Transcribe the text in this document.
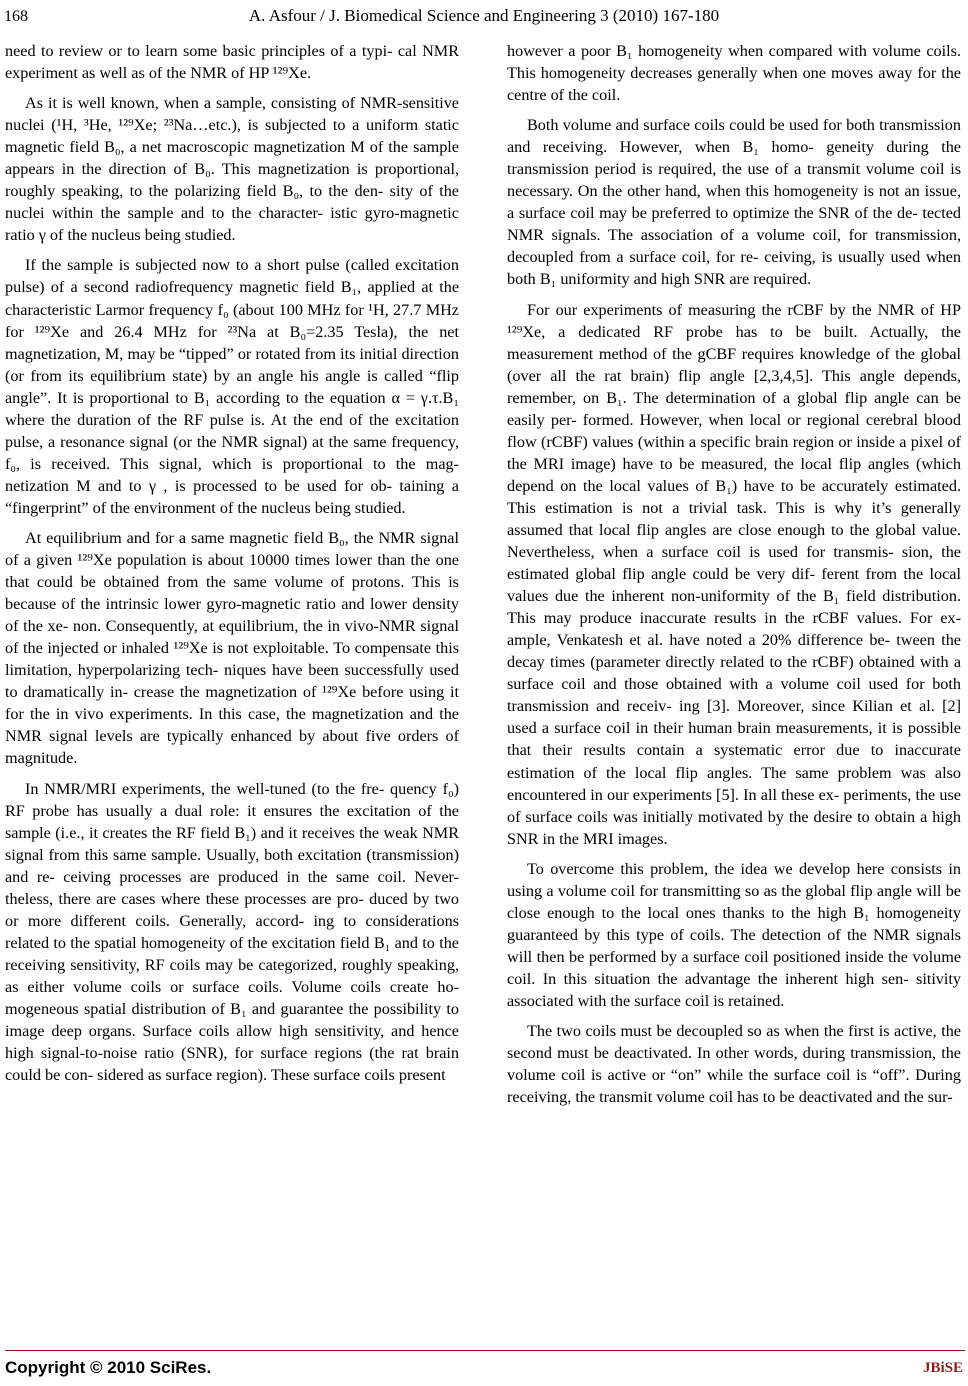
168	A. Asfour / J. Biomedical Science and Engineering 3 (2010) 167-180

need to review or to learn some basic principles of a typi- cal NMR experiment as well as of the NMR of HP ¹²⁹Xe.

As it is well known, when a sample, consisting of NMR-sensitive nuclei (¹H, ³He, ¹²⁹Xe; ²³Na…etc.), is subjected to a uniform static magnetic field B₀, a net macroscopic magnetization M of the sample appears in the direction of B₀. This magnetization is proportional, roughly speaking, to the polarizing field B₀, to the den- sity of the nuclei within the sample and to the character- istic gyro-magnetic ratio γ of the nucleus being studied.

If the sample is subjected now to a short pulse (called excitation pulse) of a second radiofrequency magnetic field B₁, applied at the characteristic Larmor frequency f₀ (about 100 MHz for ¹H, 27.7 MHz for ¹²⁹Xe and 26.4 MHz for ²³Na at B₀=2.35 Tesla), the net magnetization, M, may be “tipped” or rotated from its initial direction (or from its equilibrium state) by an angle his angle is called “flip angle”. It is proportional to B₁ according to the equation α = γ.τ.B₁ where the duration of the RF pulse is. At the end of the excitation pulse, a resonance signal (or the NMR signal) at the same frequency, f₀, is received. This signal, which is proportional to the mag- netization M and to γ , is processed to be used for ob- taining a “fingerprint” of the environment of the nucleus being studied.

At equilibrium and for a same magnetic field B₀, the NMR signal of a given ¹²⁹Xe population is about 10000 times lower than the one that could be obtained from the same volume of protons. This is because of the intrinsic lower gyro-magnetic ratio and lower density of the xe- non. Consequently, at equilibrium, the in vivo-NMR signal of the injected or inhaled ¹²⁹Xe is not exploitable. To compensate this limitation, hyperpolarizing tech- niques have been successfully used to dramatically in- crease the magnetization of ¹²⁹Xe before using it for the in vivo experiments. In this case, the magnetization and the NMR signal levels are typically enhanced by about five orders of magnitude.

In NMR/MRI experiments, the well-tuned (to the fre- quency f₀) RF probe has usually a dual role: it ensures the excitation of the sample (i.e., it creates the RF field B₁) and it receives the weak NMR signal from this same sample. Usually, both excitation (transmission) and re- ceiving processes are produced in the same coil. Never- theless, there are cases where these processes are pro- duced by two or more different coils. Generally, accord- ing to considerations related to the spatial homogeneity of the excitation field B₁ and to the receiving sensitivity, RF coils may be categorized, roughly speaking, as either volume coils or surface coils. Volume coils create ho- mogeneous spatial distribution of B₁ and guarantee the possibility to image deep organs. Surface coils allow high sensitivity, and hence high signal-to-noise ratio (SNR), for surface regions (the rat brain could be con- sidered as surface region). These surface coils present

however a poor B₁ homogeneity when compared with volume coils. This homogeneity decreases generally when one moves away for the centre of the coil.

Both volume and surface coils could be used for both transmission and receiving. However, when B₁ homo- geneity during the transmission period is required, the use of a transmit volume coil is necessary. On the other hand, when this homogeneity is not an issue, a surface coil may be preferred to optimize the SNR of the de- tected NMR signals. The association of a volume coil, for transmission, decoupled from a surface coil, for re- ceiving, is usually used when both B₁ uniformity and high SNR are required.

For our experiments of measuring the rCBF by the NMR of HP ¹²⁹Xe, a dedicated RF probe has to be built. Actually, the measurement method of the gCBF requires knowledge of the global (over all the rat brain) flip angle [2,3,4,5]. This angle depends, remember, on B₁. The determination of a global flip angle can be easily per- formed. However, when local or regional cerebral blood flow (rCBF) values (within a specific brain region or inside a pixel of the MRI image) have to be measured, the local flip angles (which depend on the local values of B₁) have to be accurately estimated. This estimation is not a trivial task. This is why it’s generally assumed that local flip angles are close enough to the global value. Nevertheless, when a surface coil is used for transmis- sion, the estimated global flip angle could be very dif- ferent from the local values due the inherent non-uniformity of the B₁ field distribution. This may produce inaccurate results in the rCBF values. For ex- ample, Venkatesh et al. have noted a 20% difference be- tween the decay times (parameter directly related to the rCBF) obtained with a surface coil and those obtained with a volume coil used for both transmission and receiv- ing [3]. Moreover, since Kilian et al. [2] used a surface coil in their human brain measurements, it is possible that their results contain a systematic error due to inaccurate estimation of the local flip angles. The same problem was also encountered in our experiments [5]. In all these ex- periments, the use of surface coils was initially motivated by the desire to obtain a high SNR in the MRI images.

To overcome this problem, the idea we develop here consists in using a volume coil for transmitting so as the global flip angle will be close enough to the local ones thanks to the high B₁ homogeneity guaranteed by this type of coils. The detection of the NMR signals will then be performed by a surface coil positioned inside the volume coil. In this situation the advantage the inherent high sen- sitivity associated with the surface coil is retained.

The two coils must be decoupled so as when the first is active, the second must be deactivated. In other words, during transmission, the volume coil is active or “on” while the surface coil is “off”. During receiving, the transmit volume coil has to be deactivated and the sur-

Copyright © 2010 SciRes.	JBiSE
